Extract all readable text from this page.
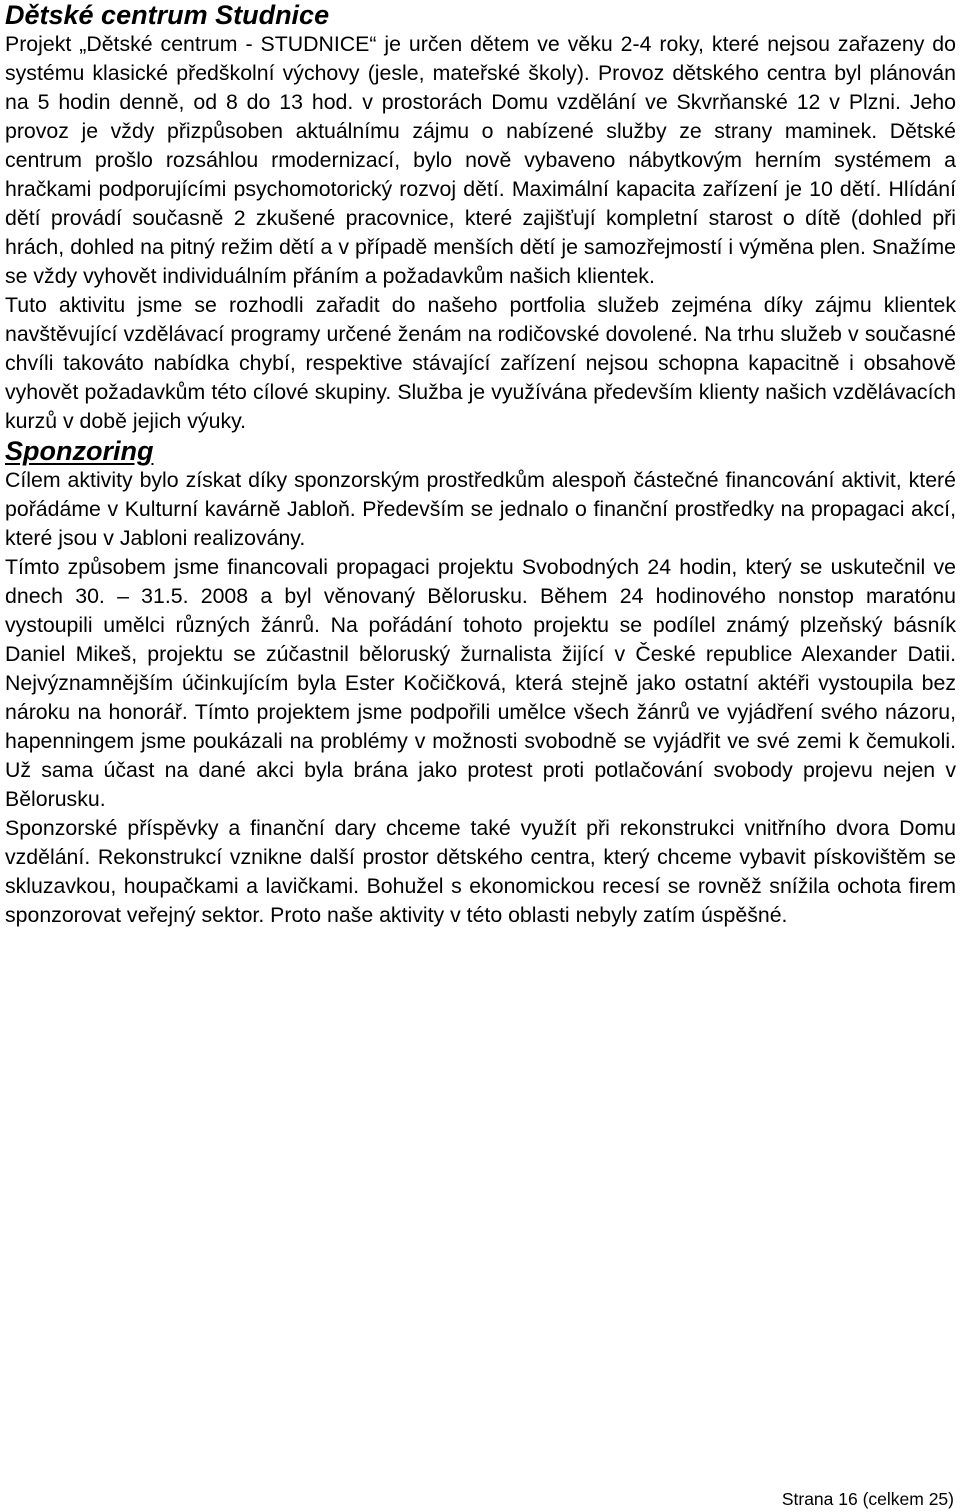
Dětské centrum Studnice

Projekt „Dětské centrum - STUDNICE“ je určen dětem ve věku 2-4 roky, které nejsou zařazeny do systému klasické předškolní výchovy (jesle, mateřské školy). Provoz dětského centra byl plánován na 5 hodin denně, od 8 do 13 hod. v prostorách Domu vzdělání ve Skvrňanské 12 v Plzni. Jeho provoz je vždy přizpůsoben aktuálnímu zájmu o nabízené služby ze strany maminek. Dětské centrum prošlo rozsáhlou rmodernizací, bylo nově vybaveno nábytkovým herním systémem a hračkami podporujícími psychomotorický rozvoj dětí. Maximální kapacita zařízení je 10 dětí. Hlídání dětí provádí současně 2 zkušené pracovnice, které zajišťují kompletní starost o dítě (dohled při hrách, dohled na pitný režim dětí a v případě menších dětí je samozřejmostí i výměna plen. Snažíme se vždy vyhovět individuálním přáním a požadavkům našich klientek.

Tuto aktivitu jsme se rozhodli zařadit do našeho portfolia služeb zejména díky zájmu klientek navštěvující vzdělávací programy určené ženám na rodičovské dovolené. Na trhu služeb v současné chvíli takováto nabídka chybí, respektive stávající zařízení nejsou schopna kapacitně i obsahově vyhovět požadavkům této cílové skupiny. Služba je využívána především klienty našich vzdělávacích kurzů v době jejich výuky.

Sponzoring

Cílem aktivity bylo získat díky sponzorským prostředkům alespoň částečné financování aktivit, které pořádáme v Kulturní kavárně Jabloň. Především se jednalo o finanční prostředky na propagaci akcí, které jsou v Jabloni realizovány.

Tímto způsobem jsme financovali propagaci projektu Svobodných 24 hodin, který se uskutečnil ve dnech 30. – 31.5. 2008 a byl věnovaný Bělorusku. Během 24 hodinového nonstop maratónu vystoupili umělci různých žánrů. Na pořádání tohoto projektu se podílel známý plzeňský básník Daniel Mikeš, projektu se zúčastnil běloruský žurnalista žijící v České republice Alexander Datii. Nejvýznamnějším účinkujícím byla Ester Kočičková, která stejně jako ostatní aktéři vystoupila bez nároku na honorář. Tímto projektem jsme podpořili umělce všech žánrů ve vyjádření svého názoru, hapenningem jsme poukázali na problémy v možnosti svobodně se vyjádřit ve své zemi k čemukoli. Už sama účast na dané akci byla brána jako protest proti potlačování svobody projevu nejen v Bělorusku.

Sponzorské příspěvky a finanční dary chceme také využít při rekonstrukci vnitřního dvora Domu vzdělání. Rekonstrukcí vznikne další prostor dětského centra, který chceme vybavit pískovištěm se skluzavkou, houpačkami a lavičkami. Bohužel s ekonomickou recesí se rovněž snížila ochota firem sponzorovat veřejný sektor. Proto naše aktivity v této oblasti nebyly zatím úspěšné.

Strana 16 (celkem 25)
